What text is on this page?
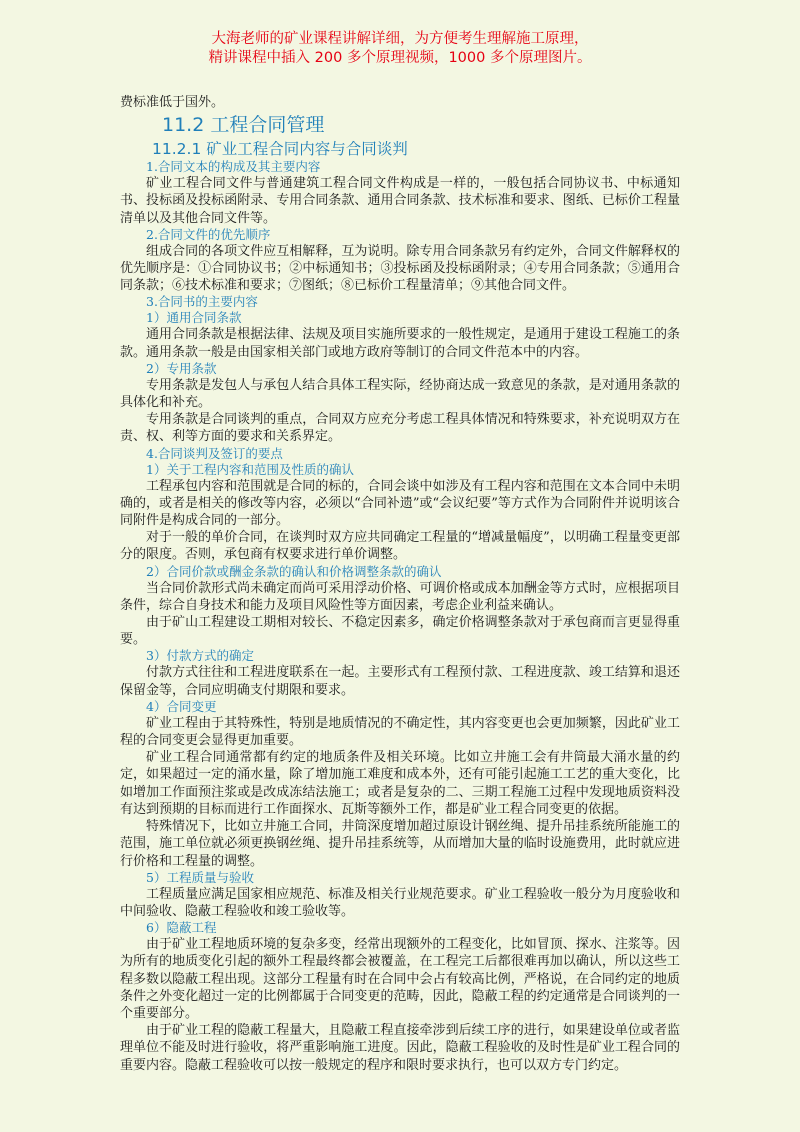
大海老师的矿业课程讲解详细，为方便考生理解施工原理，
精讲课程中插入 200 多个原理视频，1000 多个原理图片。
费标准低于国外。
11.2 工程合同管理
11.2.1 矿业工程合同内容与合同谈判
1.合同文本的构成及其主要内容
矿业工程合同文件与普通建筑工程合同文件构成是一样的，一般包括合同协议书、中标通知书、投标函及投标函附录、专用合同条款、通用合同条款、技术标准和要求、图纸、已标价工程量清单以及其他合同文件等。
2.合同文件的优先顺序
组成合同的各项文件应互相解释，互为说明。除专用合同条款另有约定外，合同文件解释权的优先顺序是：①合同协议书；②中标通知书；③投标函及投标函附录；④专用合同条款；⑤通用合同条款；⑥技术标准和要求；⑦图纸；⑧已标价工程量清单；⑨其他合同文件。
3.合同书的主要内容
1）通用合同条款
通用合同条款是根据法律、法规及项目实施所要求的一般性规定，是通用于建设工程施工的条款。通用条款一般是由国家相关部门或地方政府等制订的合同文件范本中的内容。
2）专用条款
专用条款是发包人与承包人结合具体工程实际，经协商达成一致意见的条款，是对通用条款的具体化和补充。
专用条款是合同谈判的重点，合同双方应充分考虑工程具体情况和特殊要求，补充说明双方在责、权、利等方面的要求和关系界定。
4.合同谈判及签订的要点
1）关于工程内容和范围及性质的确认
工程承包内容和范围就是合同的标的，合同会谈中如涉及有工程内容和范围在文本合同中未明确的，或者是相关的修改等内容，必须以“合同补遗”或“会议纪要”等方式作为合同附件并说明该合同附件是构成合同的一部分。
对于一般的单价合同，在谈判时双方应共同确定工程量的“增减量幅度”，以明确工程量变更部分的限度。否则，承包商有权要求进行单价调整。
2）合同价款或酬金条款的确认和价格调整条款的确认
当合同价款形式尚未确定而尚可采用浮动价格、可调价格或成本加酬金等方式时，应根据项目条件，综合自身技术和能力及项目风险性等方面因素，考虑企业利益来确认。
由于矿山工程建设工期相对较长、不稳定因素多，确定价格调整条款对于承包商而言更显得重要。
3）付款方式的确定
付款方式往往和工程进度联系在一起。主要形式有工程预付款、工程进度款、竣工结算和退还保留金等，合同应明确支付期限和要求。
4）合同变更
矿业工程由于其特殊性，特别是地质情况的不确定性，其内容变更也会更加频繁，因此矿业工程的合同变更会显得更加重要。
矿业工程合同通常都有约定的地质条件及相关环境。比如立井施工会有井筒最大涌水量的约定，如果超过一定的涌水量，除了增加施工难度和成本外，还有可能引起施工工艺的重大变化，比如增加工作面预注浆或是改成冻结法施工；或者是复杂的二、三期工程施工过程中发现地质资料没有达到预期的目标而进行工作面探水、瓦斯等额外工作，都是矿业工程合同变更的依据。
特殊情况下，比如立井施工合同，井筒深度增加超过原设计钢丝绳、提升吊挂系统所能施工的范围，施工单位就必须更换钢丝绳、提升吊挂系统等，从而增加大量的临时设施费用，此时就应进行价格和工程量的调整。
5）工程质量与验收
工程质量应满足国家相应规范、标准及相关行业规范要求。矿业工程验收一般分为月度验收和中间验收、隐蔽工程验收和竣工验收等。
6）隐蔽工程
由于矿业工程地质环境的复杂多变，经常出现额外的工程变化，比如冒顶、探水、注浆等。因为所有的地质变化引起的额外工程最终都会被覆盖，在工程完工后都很难再加以确认，所以这些工程多数以隐蔽工程出现。这部分工程量有时在合同中会占有较高比例，严格说，在合同约定的地质条件之外变化超过一定的比例都属于合同变更的范畴，因此，隐蔽工程的约定通常是合同谈判的一个重要部分。
由于矿业工程的隐蔽工程量大，且隐蔽工程直接牵涉到后续工序的进行，如果建设单位或者监理单位不能及时进行验收，将严重影响施工进度。因此，隐蔽工程验收的及时性是矿业工程合同的重要内容。隐蔽工程验收可以按一般规定的程序和限时要求执行，也可以双方专门约定。
